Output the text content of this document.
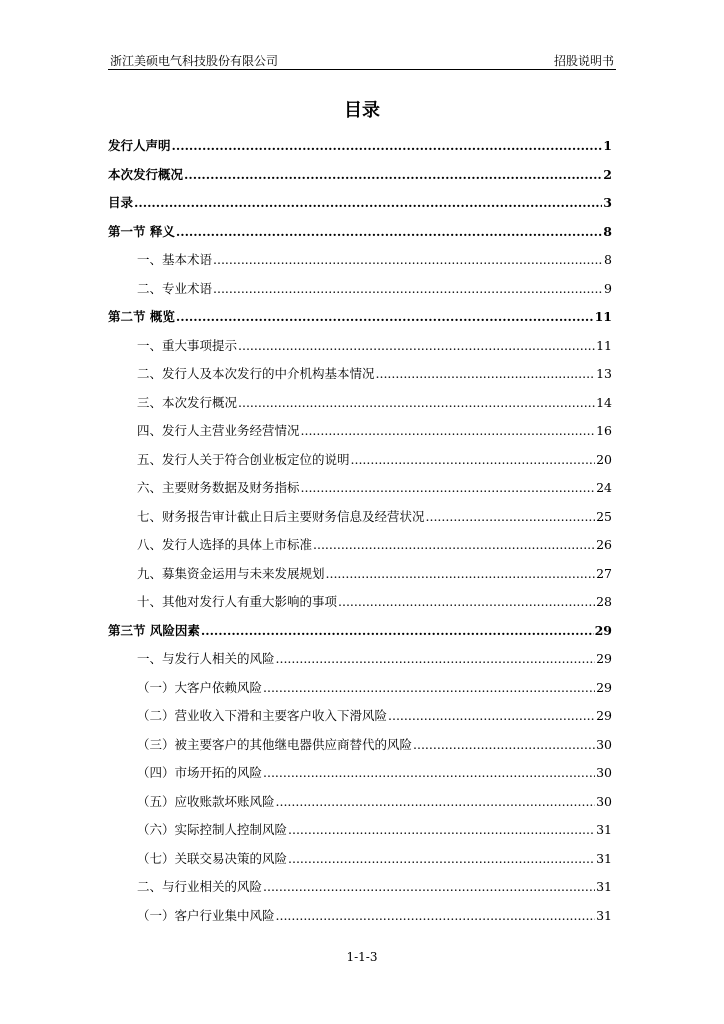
浙江美硕电气科技股份有限公司	招股说明书
目录
发行人声明 .....	1
本次发行概况 .....	2
目录 .....	3
第一节 释义 .....	8
一、基本术语 .....	8
二、专业术语 .....	9
第二节 概览 .....	11
一、重大事项提示 .....	11
二、发行人及本次发行的中介机构基本情况 .....	13
三、本次发行概况 .....	14
四、发行人主营业务经营情况 .....	16
五、发行人关于符合创业板定位的说明 .....	20
六、主要财务数据及财务指标 .....	24
七、财务报告审计截止日后主要财务信息及经营状况 .....	25
八、发行人选择的具体上市标准 .....	26
九、募集资金运用与未来发展规划 .....	27
十、其他对发行人有重大影响的事项 .....	28
第三节 风险因素 .....	29
一、与发行人相关的风险 .....	29
（一）大客户依赖风险 .....	29
（二）营业收入下滑和主要客户收入下滑风险 .....	29
（三）被主要客户的其他继电器供应商替代的风险 .....	30
（四）市场开拓的风险 .....	30
（五）应收账款坏账风险 .....	30
（六）实际控制人控制风险 .....	31
（七）关联交易决策的风险 .....	31
二、与行业相关的风险 .....	31
（一）客户行业集中风险 .....	31
1-1-3
